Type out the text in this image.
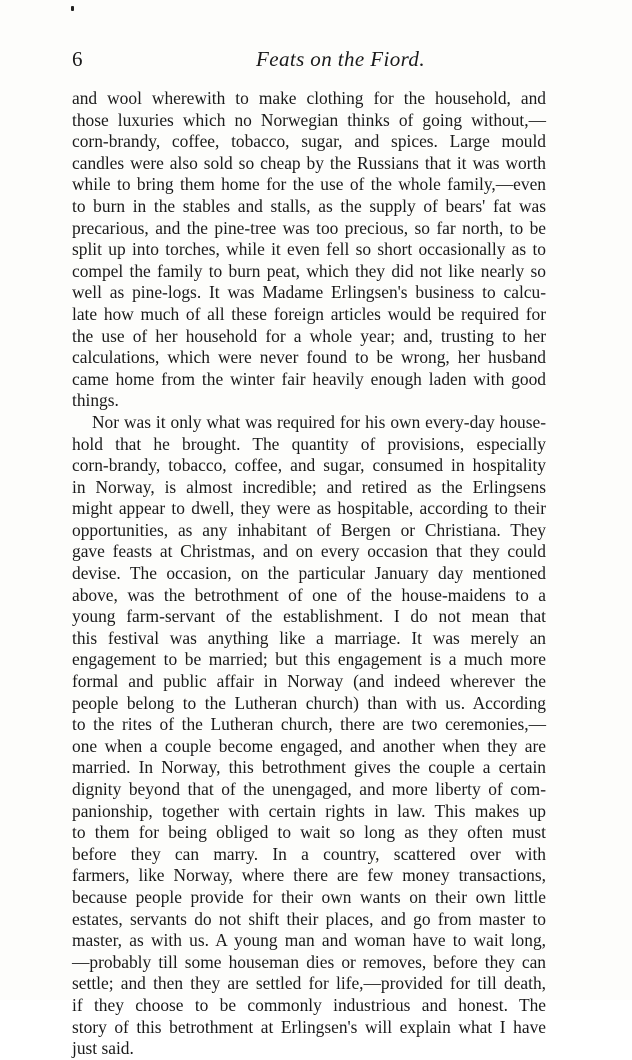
6	Feats on the Fiord.
and wool wherewith to make clothing for the household, and
those luxuries which no Norwegian thinks of going without,—
corn-brandy, coffee, tobacco, sugar, and spices. Large mould
candles were also sold so cheap by the Russians that it was worth
while to bring them home for the use of the whole family,—even
to burn in the stables and stalls, as the supply of bears' fat was
precarious, and the pine-tree was too precious, so far north, to be
split up into torches, while it even fell so short occasionally as to
compel the family to burn peat, which they did not like nearly so
well as pine-logs. It was Madame Erlingsen's business to calcu-
late how much of all these foreign articles would be required for
the use of her household for a whole year; and, trusting to her
calculations, which were never found to be wrong, her husband
came home from the winter fair heavily enough laden with good
things.
Nor was it only what was required for his own every-day house-
hold that he brought. The quantity of provisions, especially
corn-brandy, tobacco, coffee, and sugar, consumed in hospitality
in Norway, is almost incredible; and retired as the Erlingsens
might appear to dwell, they were as hospitable, according to their
opportunities, as any inhabitant of Bergen or Christiana. They
gave feasts at Christmas, and on every occasion that they could
devise. The occasion, on the particular January day mentioned
above, was the betrothment of one of the house-maidens to a
young farm-servant of the establishment. I do not mean that
this festival was anything like a marriage. It was merely an
engagement to be married; but this engagement is a much more
formal and public affair in Norway (and indeed wherever the
people belong to the Lutheran church) than with us. According
to the rites of the Lutheran church, there are two ceremonies,—
one when a couple become engaged, and another when they are
married. In Norway, this betrothment gives the couple a certain
dignity beyond that of the unengaged, and more liberty of com-
panionship, together with certain rights in law. This makes up
to them for being obliged to wait so long as they often must
before they can marry. In a country, scattered over with
farmers, like Norway, where there are few money transactions,
because people provide for their own wants on their own little
estates, servants do not shift their places, and go from master to
master, as with us. A young man and woman have to wait long,
—probably till some houseman dies or removes, before they can
settle; and then they are settled for life,—provided for till death,
if they choose to be commonly industrious and honest. The
story of this betrothment at Erlingsen's will explain what I have
just said.
